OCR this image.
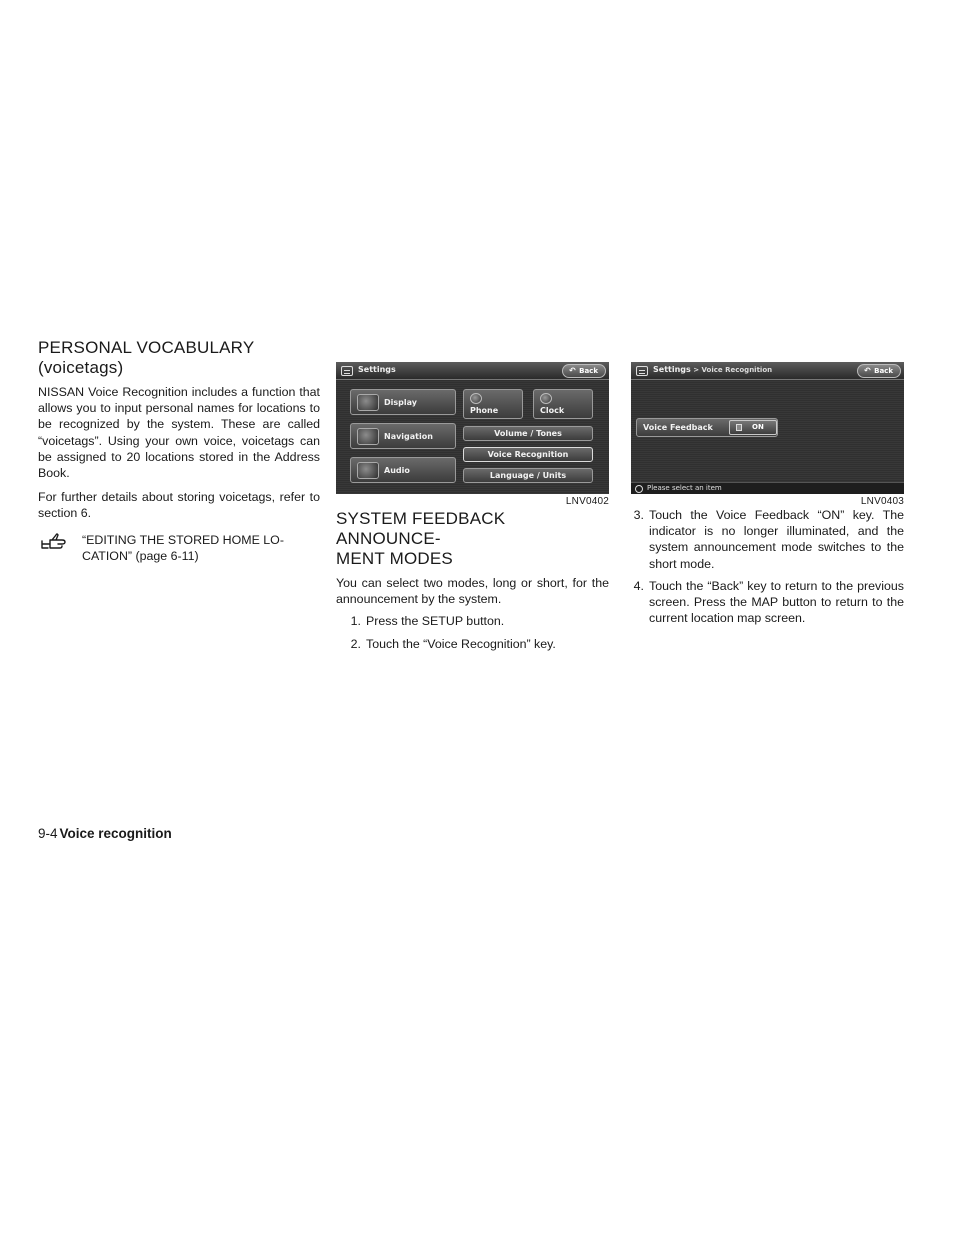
PERSONAL VOCABULARY
(voicetags)

NISSAN Voice Recognition includes a function that allows you to input personal names for locations to be recognized by the system. These are called “voicetags”. Using your own voice, voicetags can be assigned to 20 locations stored in the Address Book.

For further details about storing voicetags, refer to section 6.

“EDITING THE STORED HOME LOCATION” (page 6-11)
Settings	↶ Back
Display
Navigation
Audio
Phone	Clock
Volume / Tones
Voice Recognition
Language / Units
LNV0402
SYSTEM FEEDBACK ANNOUNCE-
MENT MODES

You can select two modes, long or short, for the announcement by the system.

1. Press the SETUP button.
2. Touch the “Voice Recognition” key.
Settings > Voice Recognition	↶ Back
Voice Feedback	ON
Please select an item
LNV0403
3. Touch the Voice Feedback “ON” key. The indicator is no longer illuminated, and the system announcement mode switches to the short mode.
4. Touch the “Back” key to return to the previous screen. Press the MAP button to return to the current location map screen.
9-4 Voice recognition
